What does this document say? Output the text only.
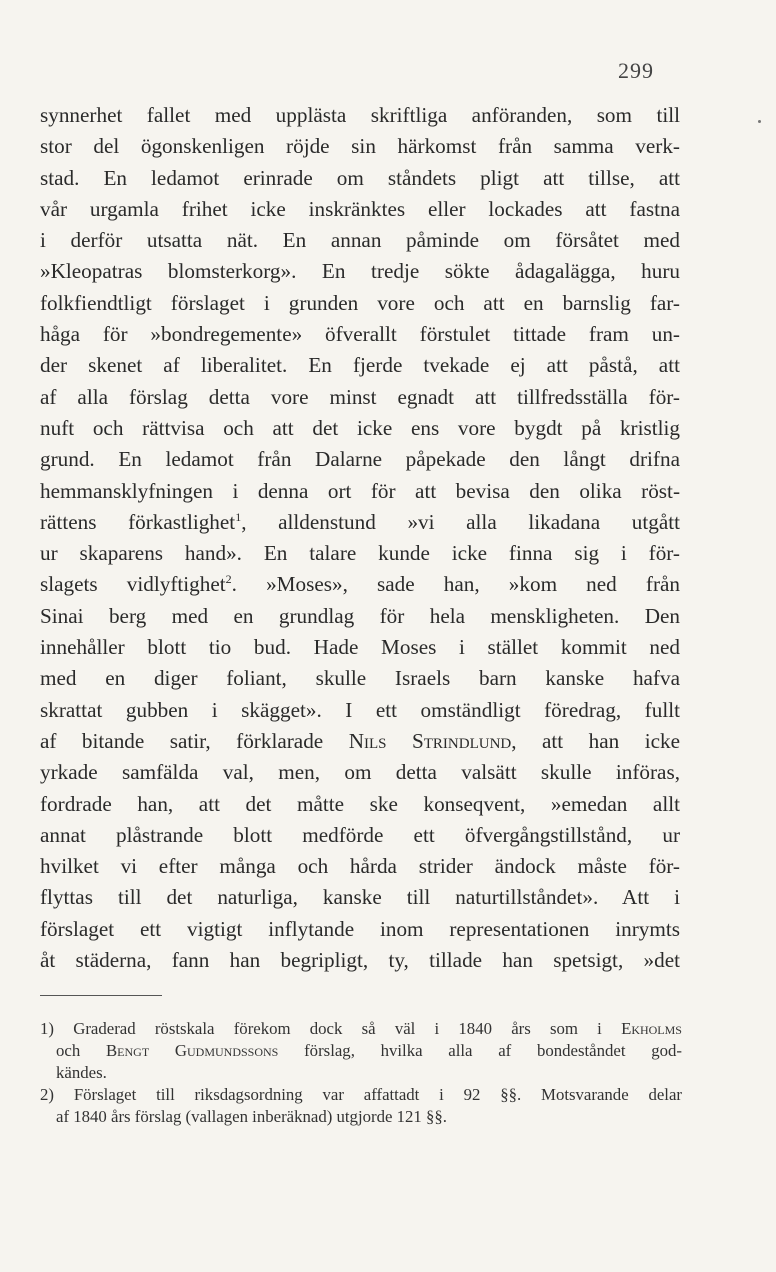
299
synnerhet fallet med upplästa skriftliga anföranden, som till
stor del ögonskenligen röjde sin härkomst från samma verk-
stad. En ledamot erinrade om ståndets pligt att tillse, att
vår urgamla frihet icke inskränktes eller lockades att fastna
i derför utsatta nät. En annan påminde om försåtet med
»Kleopatras blomsterkorg». En tredje sökte ådagalägga, huru
folkfiendtligt förslaget i grunden vore och att en barnslig far-
håga för »bondregemente» öfverallt förstulet tittade fram un-
der skenet af liberalitet. En fjerde tvekade ej att påstå, att
af alla förslag detta vore minst egnadt att tillfredsställa för-
nuft och rättvisa och att det icke ens vore bygdt på kristlig
grund. En ledamot från Dalarne påpekade den långt drifna
hemmansklyfningen i denna ort för att bevisa den olika röst-
rättens förkastlighet$^1$, alldenstund »vi alla likadana utgått
ur skaparens hand». En talare kunde icke finna sig i för-
slagets vidlyftighet$^2$. »Moses», sade han, »kom ned från
Sinai berg med en grundlag för hela menskligheten. Den
innehåller blott tio bud. Hade Moses i stället kommit ned
med en diger foliant, skulle Israels barn kanske hafva
skrattat gubben i skägget». I ett omständligt föredrag, fullt
af bitande satir, förklarade Nils Strindlund, att han icke
yrkade samfälda val, men, om detta valsätt skulle införas,
fordrade han, att det måtte ske konseqvent, »emedan allt
annat plåstrande blott medförde ett öfvergångstillstånd, ur
hvilket vi efter många och hårda strider ändock måste för-
flyttas till det naturliga, kanske till naturtillståndet». Att i
förslaget ett vigtigt inflytande inom representationen inrymts
åt städerna, fann han begripligt, ty, tillade han spetsigt, »det
1) Graderad röstskala förekom dock så väl i 1840 års som i Ekholms
och Bengt Gudmundssons förslag, hvilka alla af bondeståndet god-
kändes.
2) Förslaget till riksdagsordning var affattadt i 92 §§. Motsvarande delar
af 1840 års förslag (vallagen inberäknad) utgjorde 121 §§.
